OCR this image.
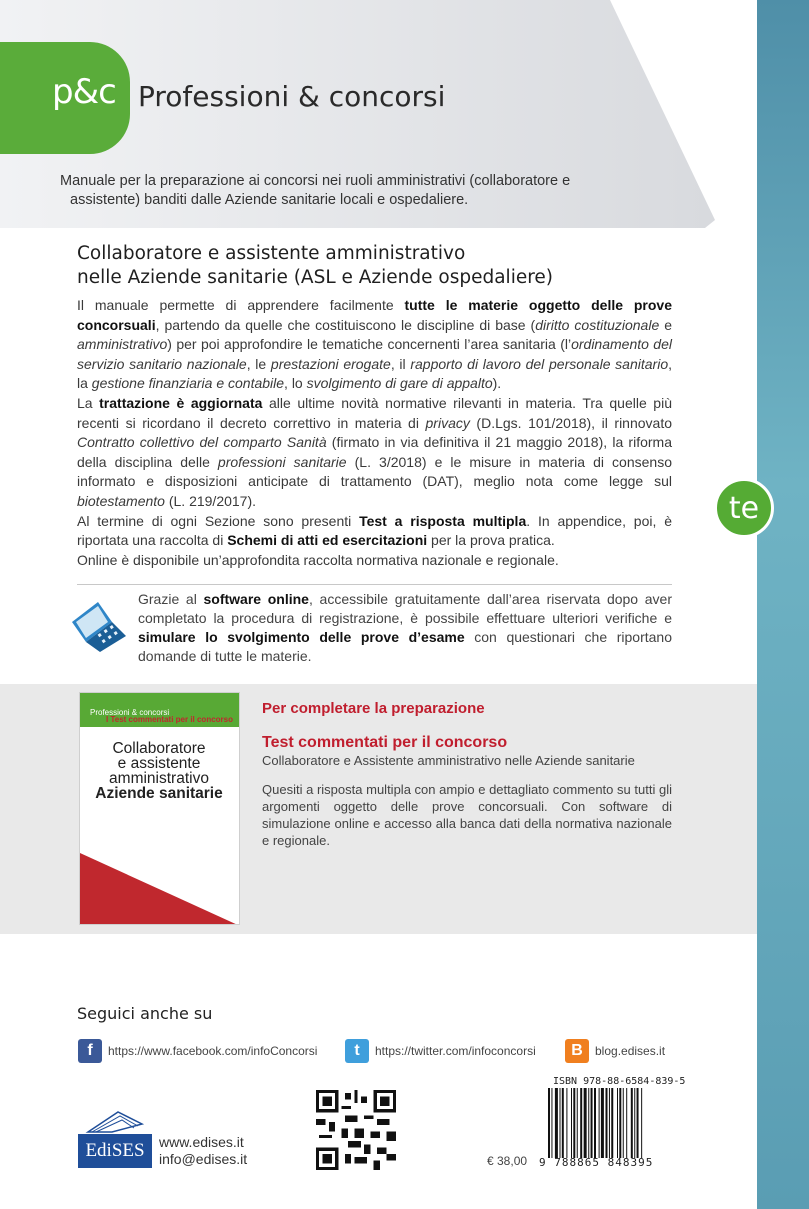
p&c Professioni & concorsi

Manuale per la preparazione ai concorsi nei ruoli amministrativi (collaboratore e

assistente) banditi dalle Aziende sanitarie locali e ospedaliere.

Collaboratore e assistente amministrativo
nelle Aziende sanitarie (ASL e Aziende ospedaliere)

Il manuale permette di apprendere facilmente tutte le materie oggetto delle prove concorsuali, partendo da quelle che costituiscono le discipline di base (diritto costituzionale e amministrativo) per poi approfondire le tematiche concernenti l’area sanitaria (l’ordinamento del servizio sanitario nazionale, le prestazioni erogate, il rapporto di lavoro del personale sanitario, la gestione finanziaria e contabile, lo svolgimento di gare di appalto).

La trattazione è aggiornata alle ultime novità normative rilevanti in materia. Tra quelle più recenti si ricordano il decreto correttivo in materia di privacy (D.Lgs. 101/2018), il rinnovato Contratto collettivo del comparto Sanità (firmato in via definitiva il 21 maggio 2018), la riforma della disciplina delle professioni sanitarie (L. 3/2018) e le misure in materia di consenso informato e disposizioni anticipate di trattamento (DAT), meglio nota come legge sul biotestamento (L. 219/2017).

Al termine di ogni Sezione sono presenti Test a risposta multipla. In appendice, poi, è riportata una raccolta di Schemi di atti ed esercitazioni per la prova pratica.

Online è disponibile un’approfondita raccolta normativa nazionale e regionale.

Grazie al software online, accessibile gratuitamente dall’area riservata dopo aver completato la procedura di registrazione, è possibile effettuare ulteriori verifiche e simulare lo svolgimento delle prove d’esame con questionari che riportano domande di tutte le materie.
Professioni & concorsi
I Test commentati per il concorso
Collaboratore
e assistente
amministrativo

Aziende sanitarie
Per completare la preparazione
Test commentati per il concorso
Collaboratore e Assistente amministrativo nelle Aziende sanitarie
Quesiti a risposta multipla con ampio e dettagliato commento su tutti gli argomenti oggetto delle prove concorsuali. Con software di simulazione online e accesso alla banca dati della normativa nazionale e regionale.
Seguici anche su
f	https://www.facebook.com/infoConcorsi	t	https://twitter.com/infoconcorsi	B	blog.edises.it
EdiSES	www.edises.it
info@edises.it	€ 38,00
ISBN 978-88-6584-839-5
9 788865 848395
te
